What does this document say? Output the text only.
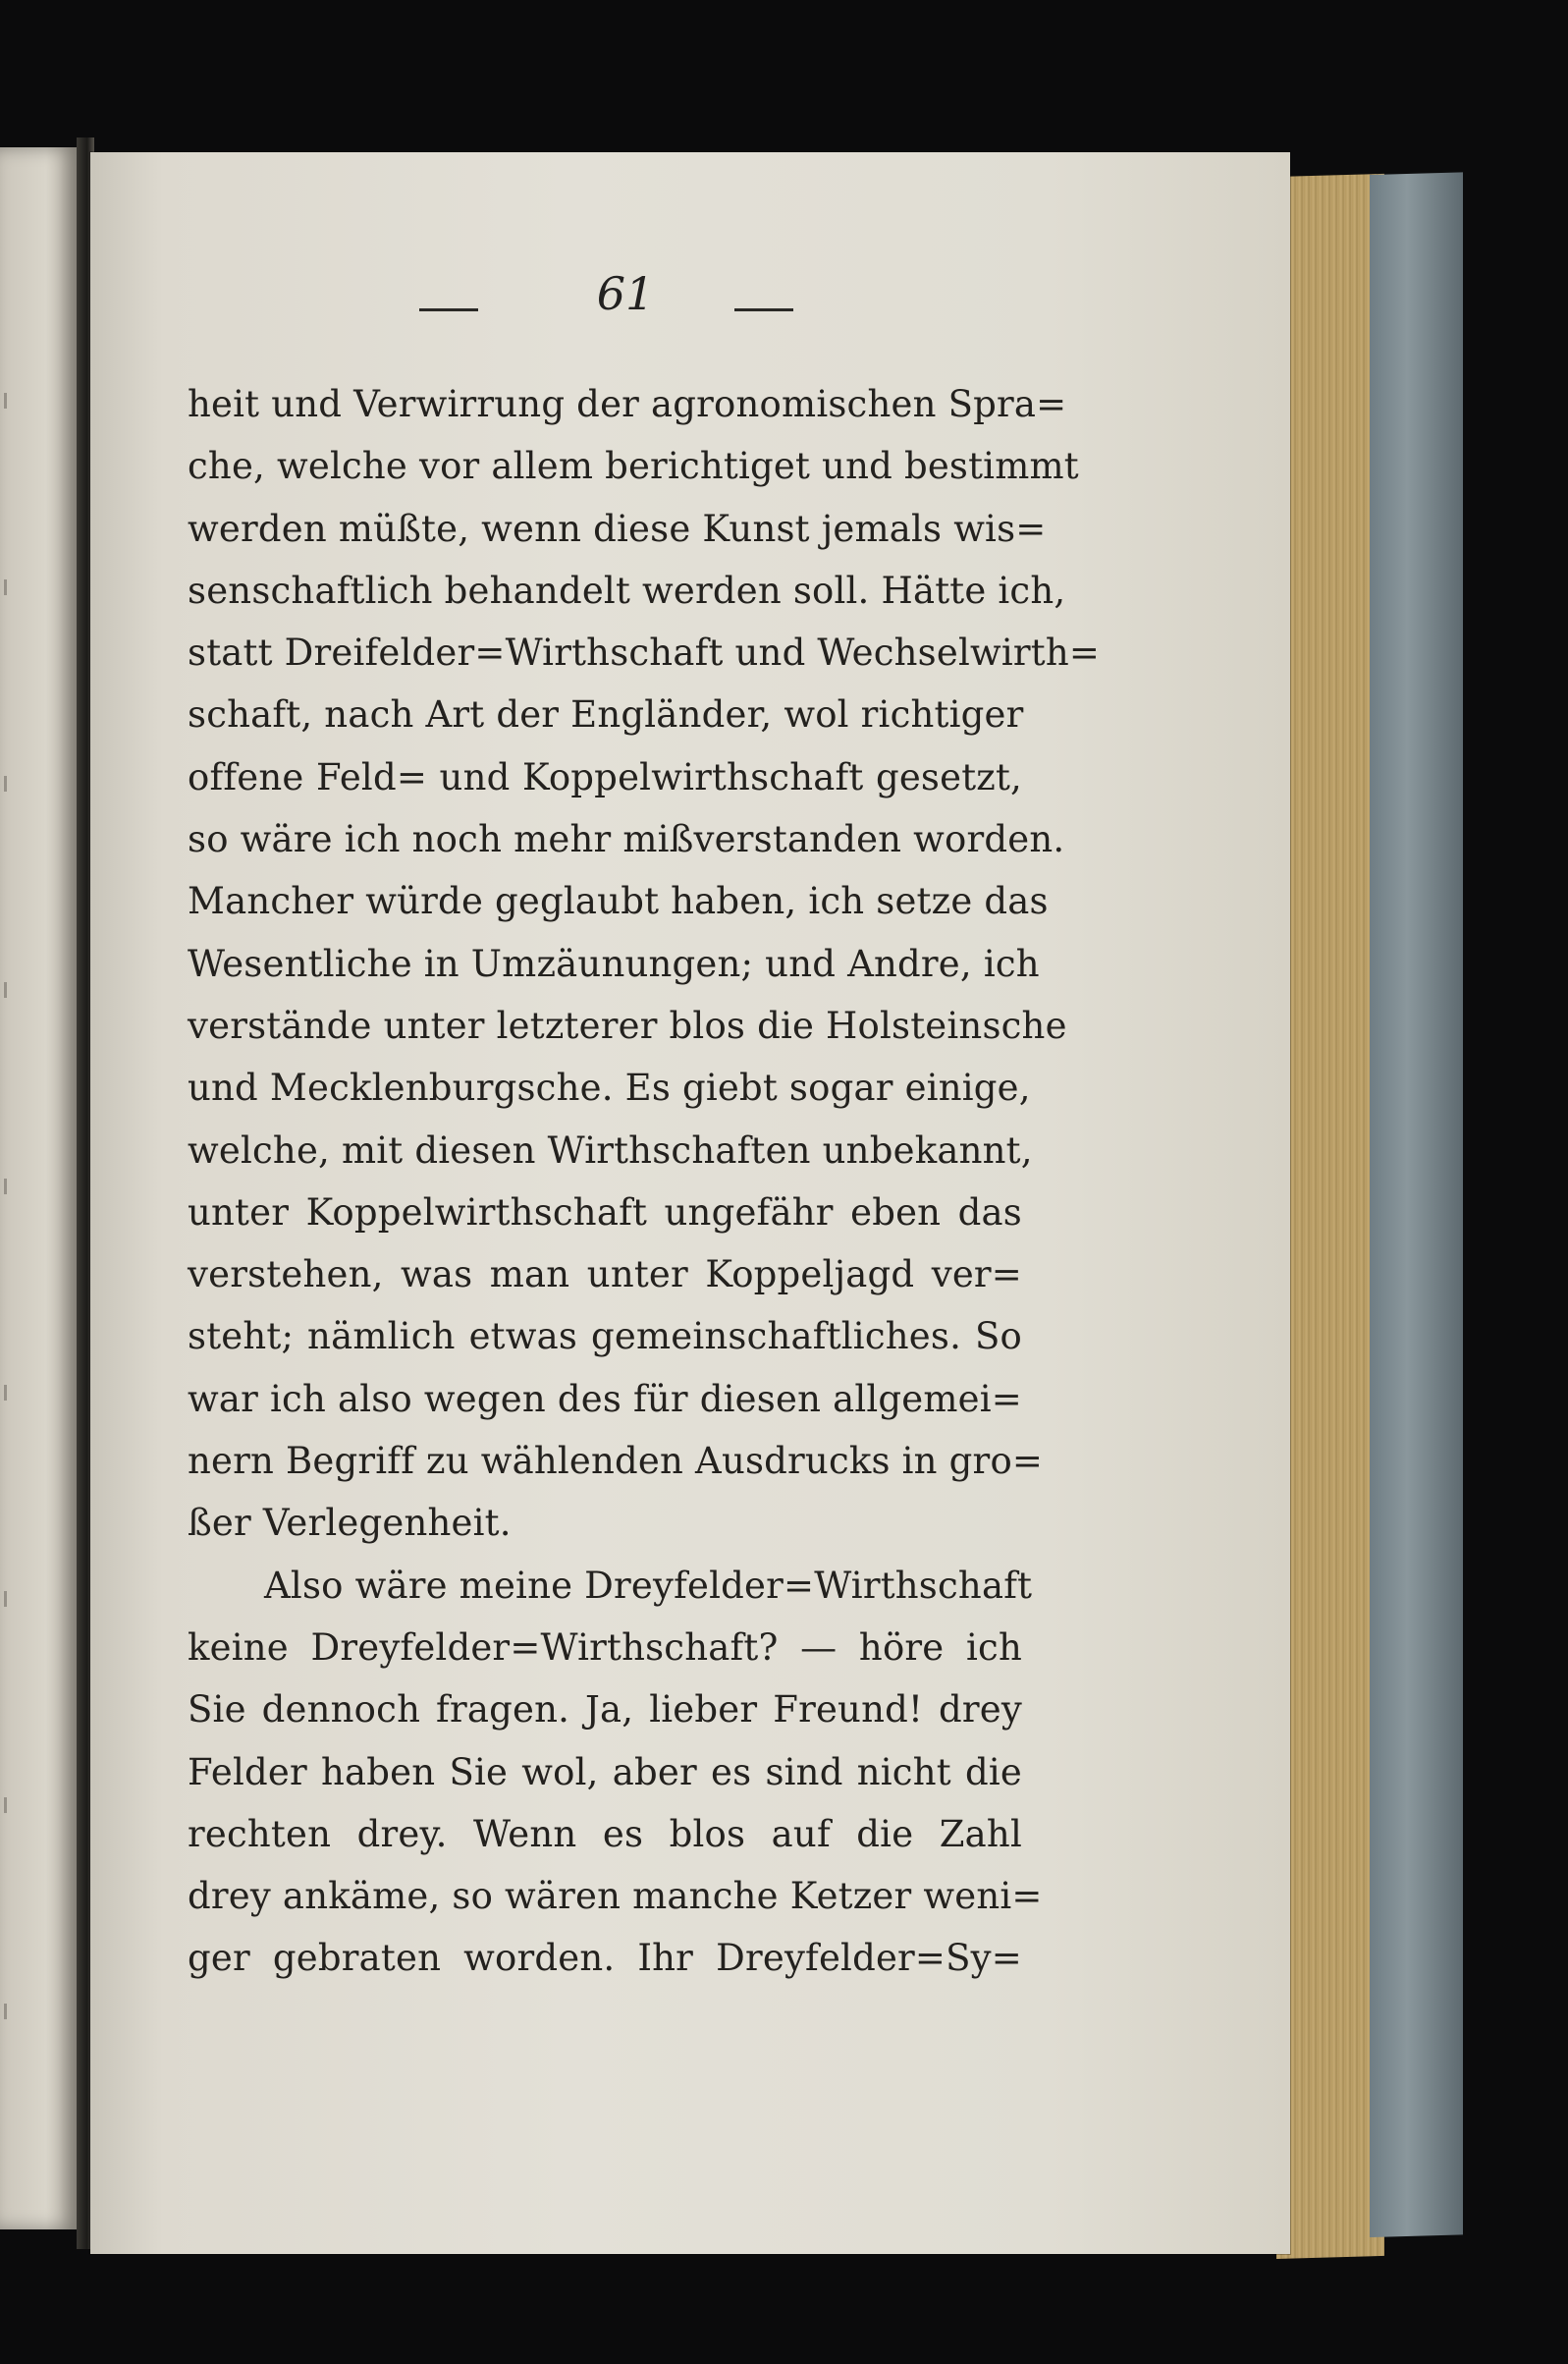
61
heit und Verwirrung der agronomischen Spra=
che, welche vor allem berichtiget und bestimmt
werden müßte, wenn diese Kunst jemals wis=
senschaftlich behandelt werden soll. Hätte ich,
statt Dreifelder=Wirthschaft und Wechselwirth=
schaft, nach Art der Engländer, wol richtiger
offene Feld= und Koppelwirthschaft gesetzt,
so wäre ich noch mehr mißverstanden worden.
Mancher würde geglaubt haben, ich setze das
Wesentliche in Umzäunungen; und Andre, ich
verstände unter letzterer blos die Holsteinsche
und Mecklenburgsche. Es giebt sogar einige,
welche, mit diesen Wirthschaften unbekannt,
unter Koppelwirthschaft ungefähr eben das
verstehen, was man unter Koppeljagd ver=
steht; nämlich etwas gemeinschaftliches. So
war ich also wegen des für diesen allgemei=
nern Begriff zu wählenden Ausdrucks in gro=
ßer Verlegenheit.
Also wäre meine Dreyfelder=Wirthschaft
keine Dreyfelder=Wirthschaft? — höre ich
Sie dennoch fragen. Ja, lieber Freund! drey
Felder haben Sie wol, aber es sind nicht die
rechten drey. Wenn es blos auf die Zahl
drey ankäme, so wären manche Ketzer weni=
ger gebraten worden. Ihr Dreyfelder=Sy=
